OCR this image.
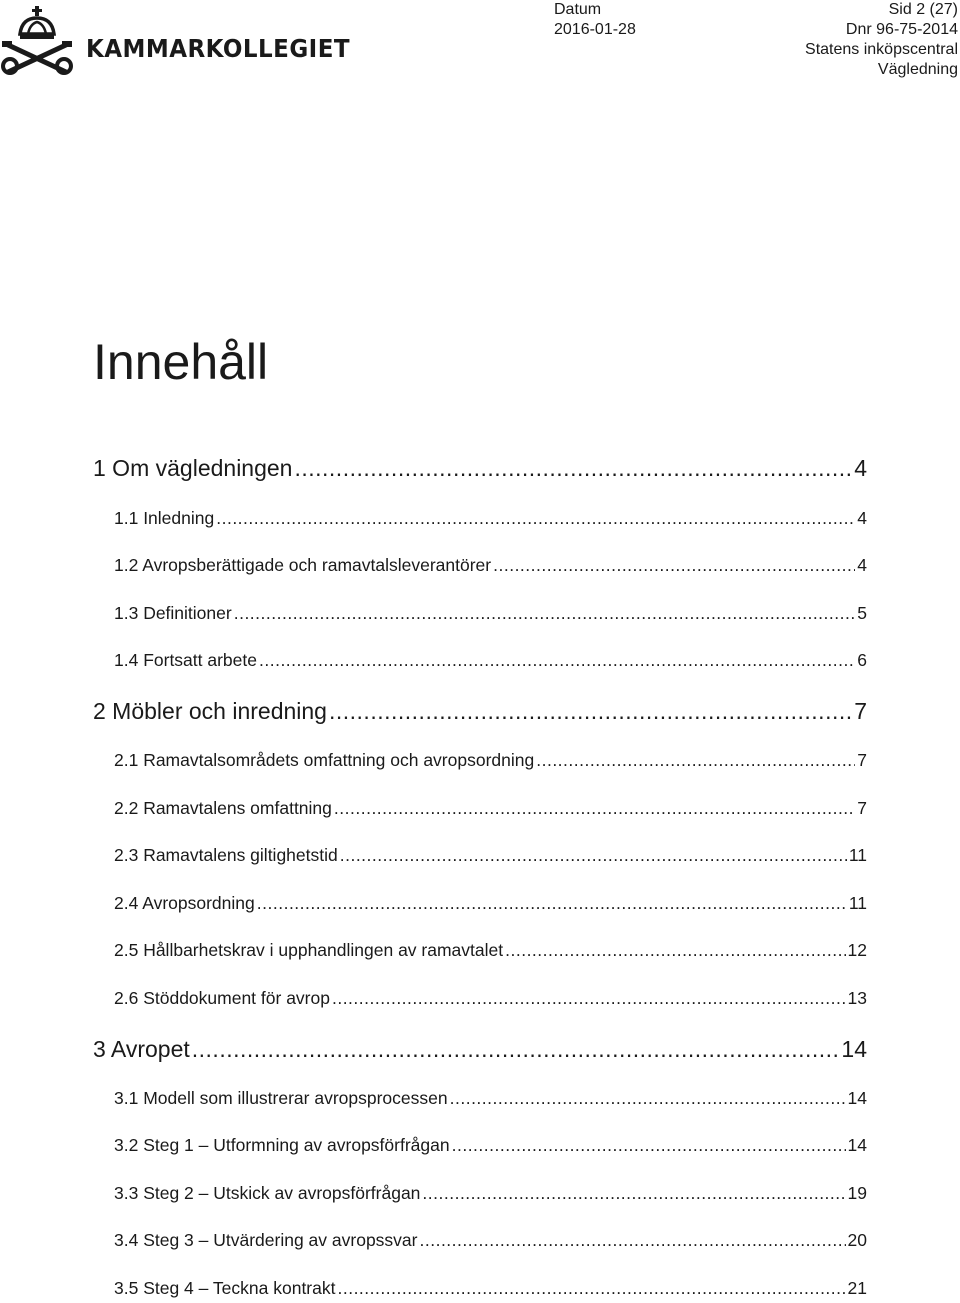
KAMMARKOLLEGIET
Datum
2016-01-28
Sid 2 (27)
Dnr 96-75-2014
Statens inköpscentral
Vägledning
Innehåll
1 Om vägledningen .....	4
1.1 Inledning .....	4
1.2 Avropsberättigade och ramavtalsleverantörer .....	4
1.3 Definitioner .....	5
1.4 Fortsatt arbete .....	6
2 Möbler och inredning .....	7
2.1 Ramavtalsområdets omfattning och avropsordning .....	7
2.2 Ramavtalens omfattning .....	7
2.3 Ramavtalens giltighetstid .....	11
2.4 Avropsordning .....	11
2.5 Hållbarhetskrav i upphandlingen av ramavtalet .....	12
2.6 Stöddokument för avrop .....	13
3 Avropet .....	14
3.1 Modell som illustrerar avropsprocessen .....	14
3.2 Steg 1 – Utformning av avropsförfrågan .....	14
3.3 Steg 2 – Utskick av avropsförfrågan .....	19
3.4 Steg 3 – Utvärdering av avropssvar .....	20
3.5 Steg 4 – Teckna kontrakt .....	21
